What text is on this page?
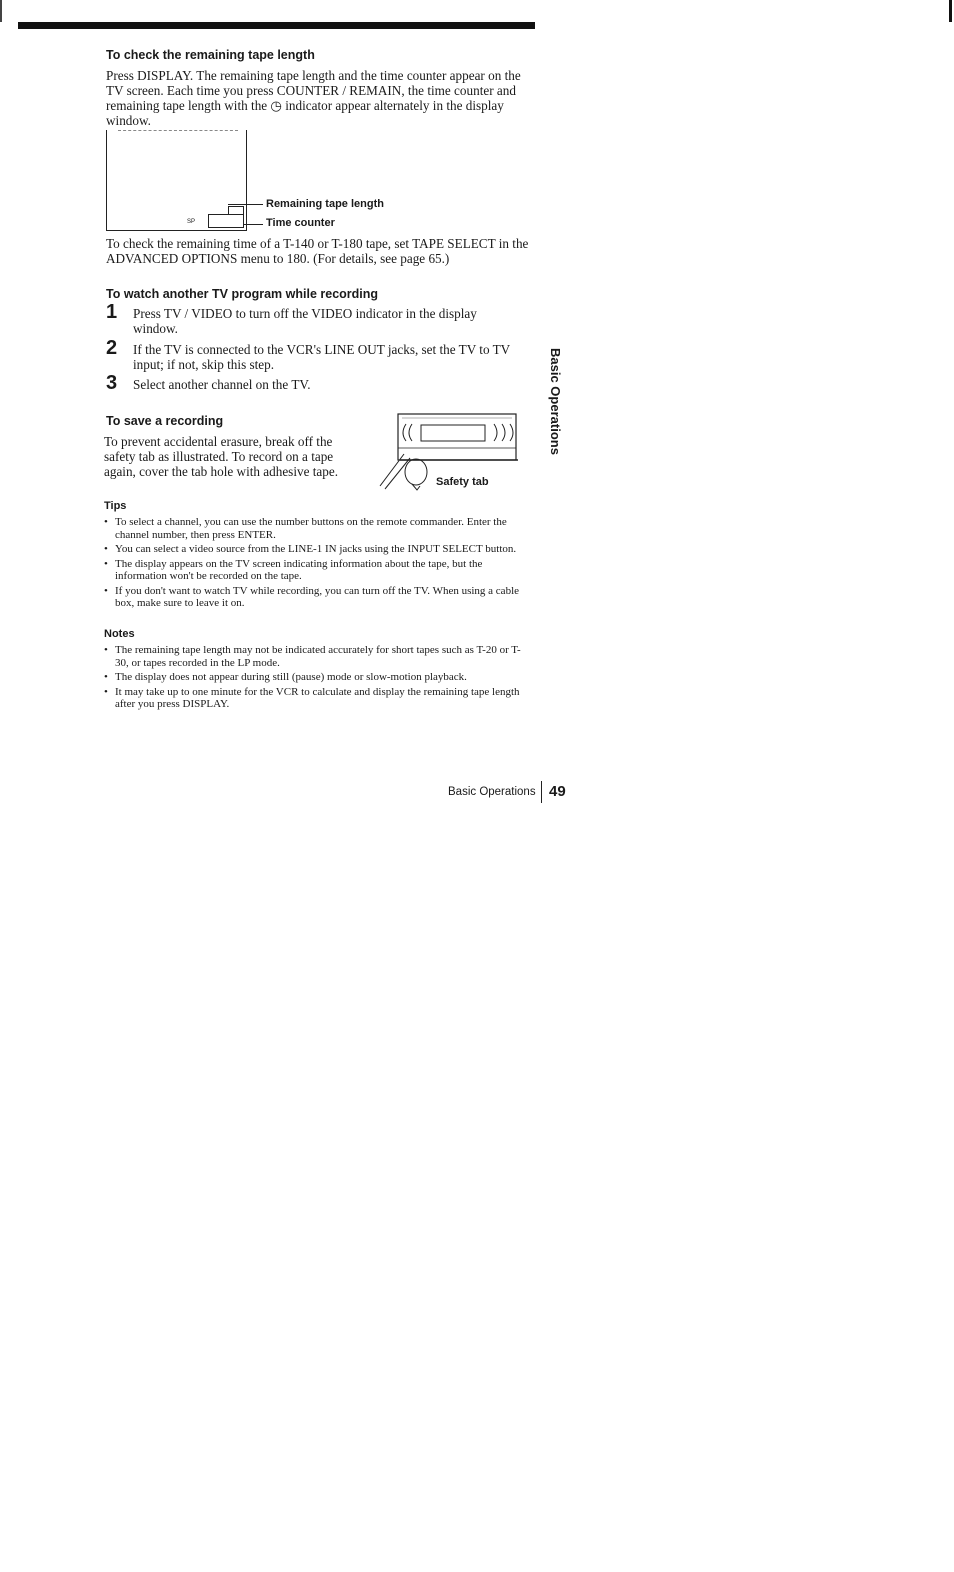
To check the remaining tape length
Press DISPLAY. The remaining tape length and the time counter appear on the TV screen. Each time you press COUNTER / REMAIN, the time counter and remaining tape length with the ◷ indicator appear alternately in the display window.
SP
Remaining tape length
Time counter
To check the remaining time of a T-140 or T-180 tape, set TAPE SELECT in the ADVANCED OPTIONS menu to 180. (For details, see page 65.)
To watch another TV program while recording
1 Press TV / VIDEO to turn off the VIDEO indicator in the display window.
2 If the TV is connected to the VCR's LINE OUT jacks, set the TV to TV input; if not, skip this step.
3 Select another channel on the TV.
To save a recording
To prevent accidental erasure, break off the safety tab as illustrated. To record on a tape again, cover the tab hole with adhesive tape.
Safety tab
Tips
• To select a channel, you can use the number buttons on the remote commander. Enter the channel number, then press ENTER.
• You can select a video source from the LINE-1 IN jacks using the INPUT SELECT button.
• The display appears on the TV screen indicating information about the tape, but the information won't be recorded on the tape.
• If you don't want to watch TV while recording, you can turn off the TV. When using a cable box, make sure to leave it on.
Notes
• The remaining tape length may not be indicated accurately for short tapes such as T-20 or T-30, or tapes recorded in the LP mode.
• The display does not appear during still (pause) mode or slow-motion playback.
• It may take up to one minute for the VCR to calculate and display the remaining tape length after you press DISPLAY.
Basic Operations
Basic Operations 49
